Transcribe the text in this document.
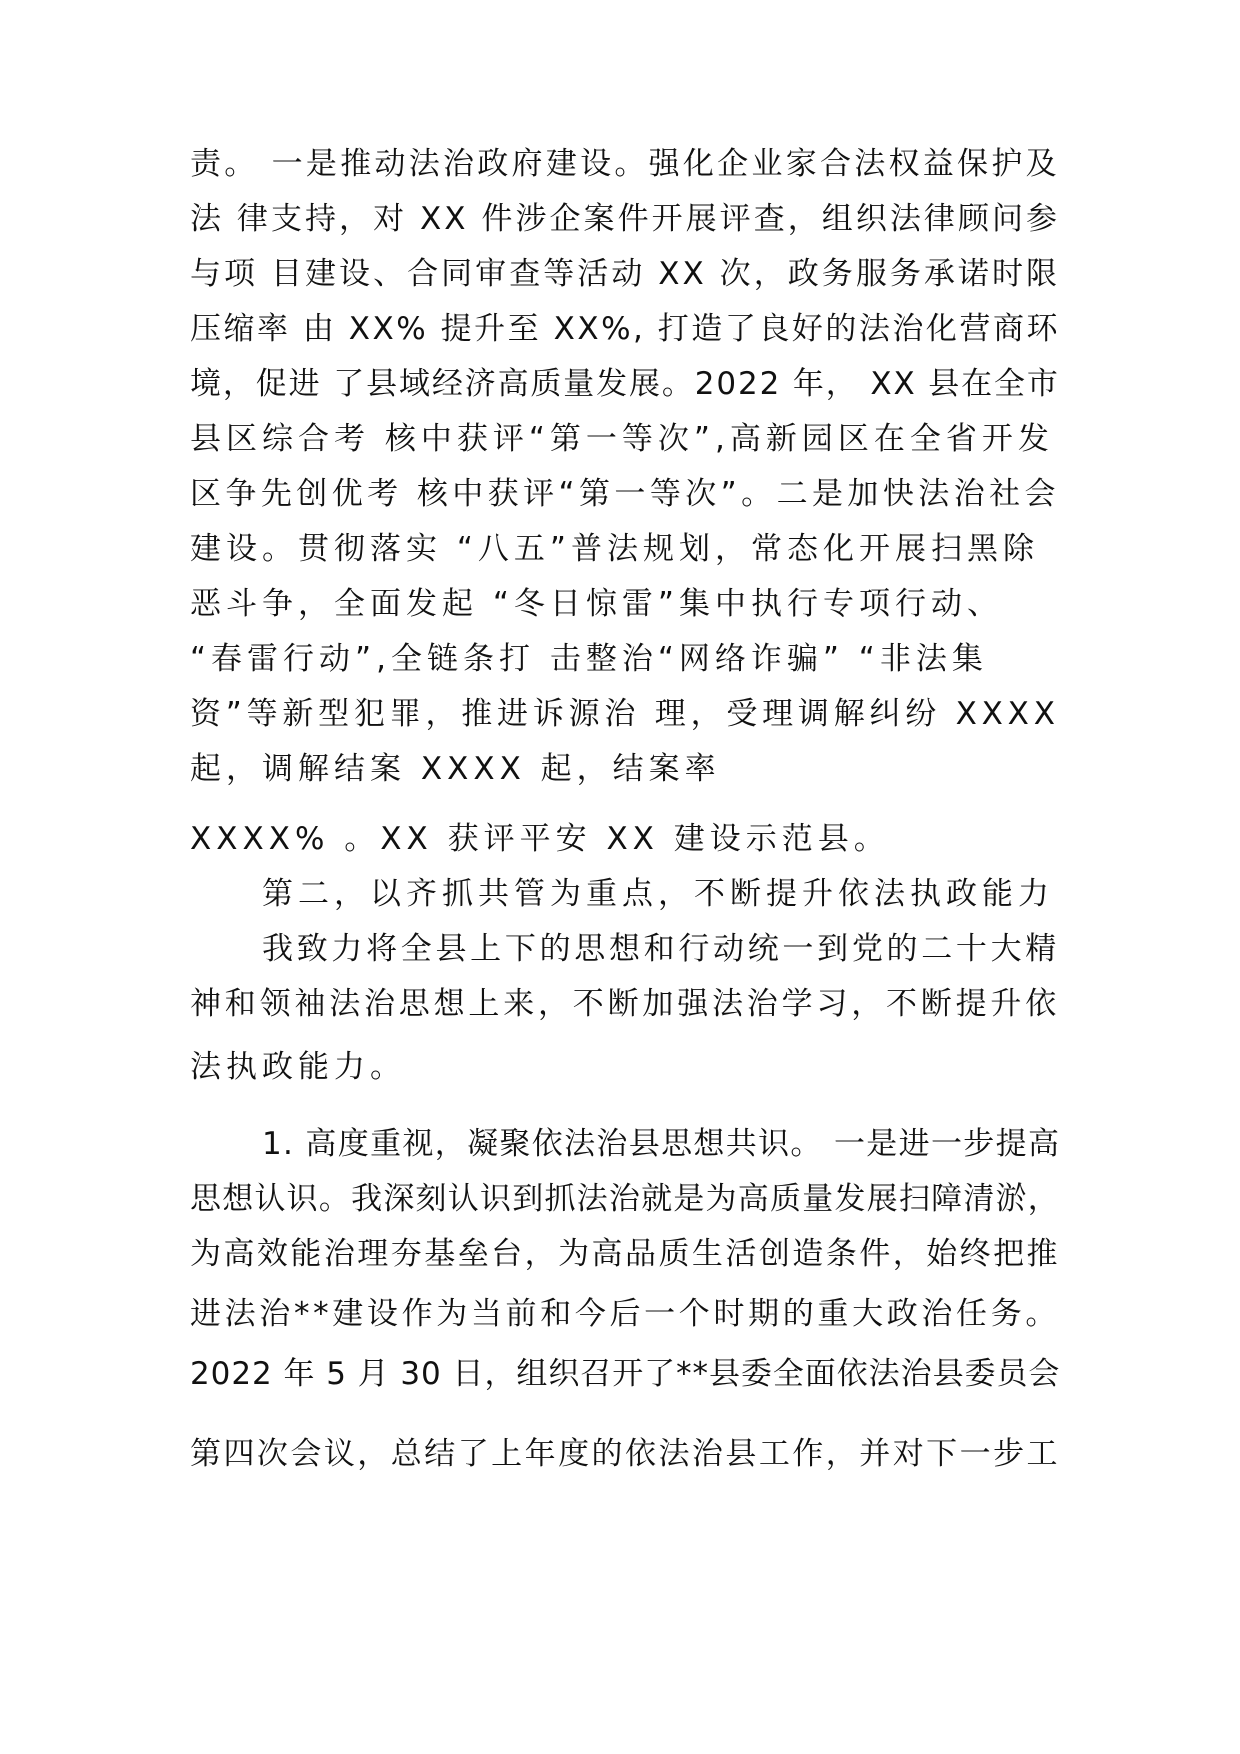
责。 一是推动法治政府建设。强化企业家合法权益保护及
法 律支持，对 XX 件涉企案件开展评查，组织法律顾问参
与项 目建设、合同审查等活动 XX 次，政务服务承诺时限
压缩率 由 XX% 提升至 XX%, 打造了良好的法治化营商环
境，促进 了县域经济高质量发展。2022 年， XX 县在全市
县区综合考 核中获评“第一等次”,高新园区在全省开发
区争先创优考 核中获评“第一等次”。二是加快法治社会
建设。贯彻落实 “八五”普法规划，常态化开展扫黑除
恶斗争，全面发起 “冬日惊雷”集中执行专项行动、
“春雷行动”,全链条打 击整治“网络诈骗” “非法集
资”等新型犯罪，推进诉源治 理，受理调解纠纷 XXXX
起，调解结案 XXXX 起，结案率
XXXX% 。XX 获评平安 XX 建设示范县。
第二，以齐抓共管为重点，不断提升依法执政能力
我致力将全县上下的思想和行动统一到党的二十大精
神和领袖法治思想上来，不断加强法治学习，不断提升依
法执政能力。
1. 高度重视，凝聚依法治县思想共识。 一是进一步提高
思想认识。我深刻认识到抓法治就是为高质量发展扫障清淤，
为高效能治理夯基垒台，为高品质生活创造条件，始终把推
进法治**建设作为当前和今后一个时期的重大政治任务。
2022 年 5 月 30 日，组织召开了**县委全面依法治县委员会
第四次会议，总结了上年度的依法治县工作，并对下一步工
